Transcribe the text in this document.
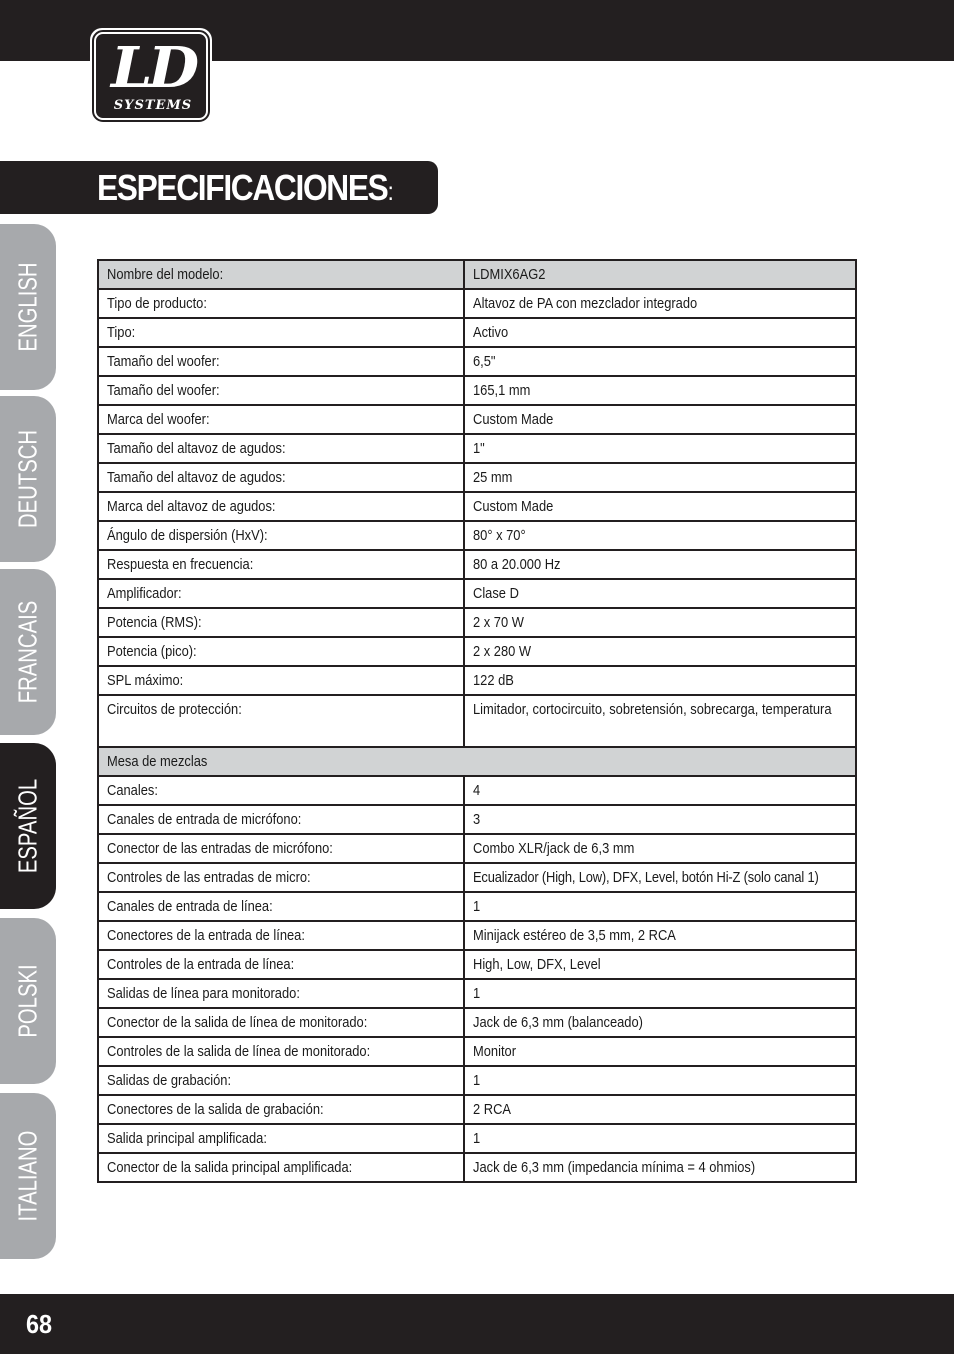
LD
SYSTEMS
ESPECIFICACIONES:
ENGLISH
DEUTSCH
FRANCAIS
ESPAÑOL
POLSKI
ITALIANO
Nombre del modelo:	LDMIX6AG2
Tipo de producto:	Altavoz de PA con mezclador integrado
Tipo:	Activo
Tamaño del woofer:	6,5"
Tamaño del woofer:	165,1 mm
Marca del woofer:	Custom Made
Tamaño del altavoz de agudos:	1"
Tamaño del altavoz de agudos:	25 mm
Marca del altavoz de agudos:	Custom Made
Ángulo de dispersión (HxV):	80° x 70°
Respuesta en frecuencia:	80 a 20.000 Hz
Amplificador:	Clase D
Potencia (RMS):	2 x 70 W
Potencia (pico):	2 x 280 W
SPL máximo:	122 dB
Circuitos de protección:	Limitador, cortocircuito, sobretensión, sobrecarga, temperatura

Mesa de mezclas	
Canales:	4
Canales de entrada de micrófono:	3
Conector de las entradas de micrófono:	Combo XLR/jack de 6,3 mm
Controles de las entradas de micro:	Ecualizador (High, Low), DFX, Level, botón Hi-Z (solo canal 1)
Canales de entrada de línea:	1
Conectores de la entrada de línea:	Minijack estéreo de 3,5 mm, 2 RCA
Controles de la entrada de línea:	High, Low, DFX, Level
Salidas de línea para monitorado:	1
Conector de la salida de línea de monitorado:	Jack de 6,3 mm (balanceado)
Controles de la salida de línea de monitorado:	Monitor
Salidas de grabación:	1
Conectores de la salida de grabación:	2 RCA
Salida principal amplificada:	1
Conector de la salida principal amplificada:	Jack de 6,3 mm (impedancia mínima = 4 ohmios)
68
